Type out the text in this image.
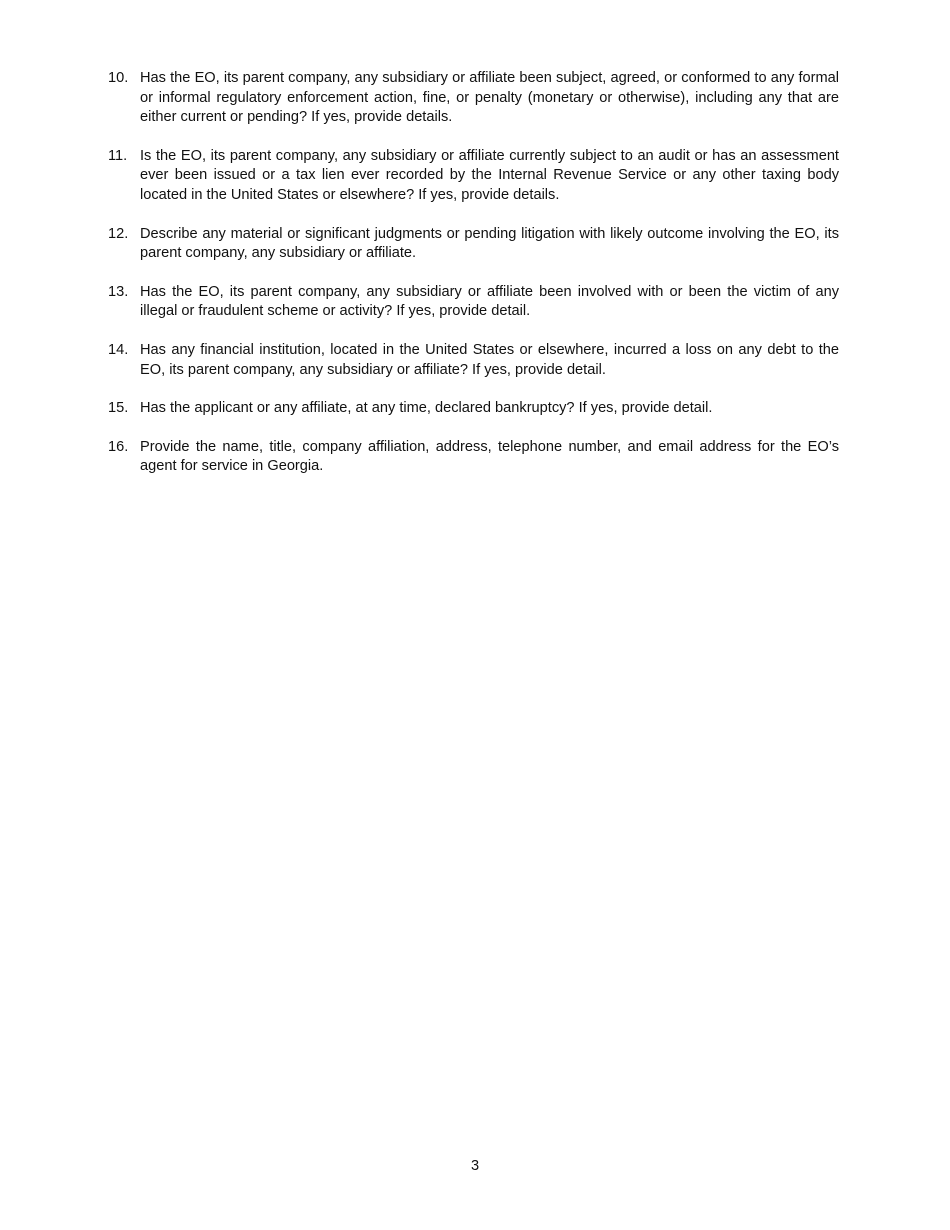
10. Has the EO, its parent company, any subsidiary or affiliate been subject, agreed, or conformed to any formal or informal regulatory enforcement action, fine, or penalty (monetary or otherwise), including any that are either current or pending? If yes, provide details.
11. Is the EO, its parent company, any subsidiary or affiliate currently subject to an audit or has an assessment ever been issued or a tax lien ever recorded by the Internal Revenue Service or any other taxing body located in the United States or elsewhere? If yes, provide details.
12. Describe any material or significant judgments or pending litigation with likely outcome involving the EO, its parent company, any subsidiary or affiliate.
13. Has the EO, its parent company, any subsidiary or affiliate been involved with or been the victim of any illegal or fraudulent scheme or activity? If yes, provide detail.
14. Has any financial institution, located in the United States or elsewhere, incurred a loss on any debt to the EO, its parent company, any subsidiary or affiliate? If yes, provide detail.
15. Has the applicant or any affiliate, at any time, declared bankruptcy? If yes, provide detail.
16. Provide the name, title, company affiliation, address, telephone number, and email address for the EO’s agent for service in Georgia.
3
